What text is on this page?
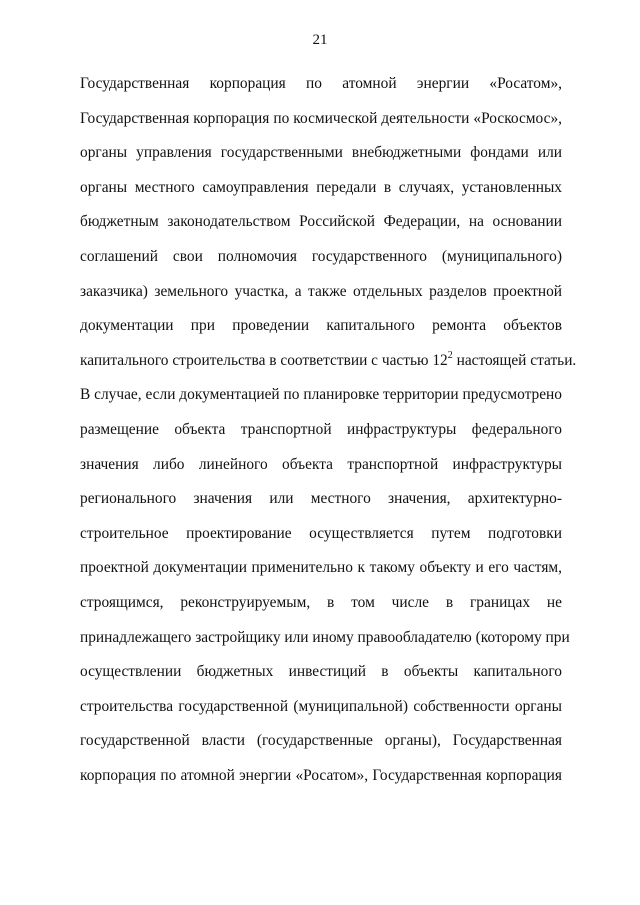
21
Государственная корпорация по атомной энергии «Росатом»,
Государственная корпорация по космической деятельности «Роскосмос»,
органы управления государственными внебюджетными фондами или
органы местного самоуправления передали в случаях, установленных
бюджетным законодательством Российской Федерации, на основании
соглашений свои полномочия государственного (муниципального)
заказчика) земельного участка, а также отдельных разделов проектной
документации при проведении капитального ремонта объектов
капитального строительства в соответствии с частью $12^2$ настоящей статьи.
В случае, если документацией по планировке территории предусмотрено
размещение объекта транспортной инфраструктуры федерального
значения либо линейного объекта транспортной инфраструктуры
регионального значения или местного значения, архитектурно-
строительное проектирование осуществляется путем подготовки
проектной документации применительно к такому объекту и его частям,
строящимся, реконструируемым, в том числе в границах не
принадлежащего застройщику или иному правообладателю (которому при
осуществлении бюджетных инвестиций в объекты капитального
строительства государственной (муниципальной) собственности органы
государственной власти (государственные органы), Государственная
корпорация по атомной энергии «Росатом», Государственная корпорация
